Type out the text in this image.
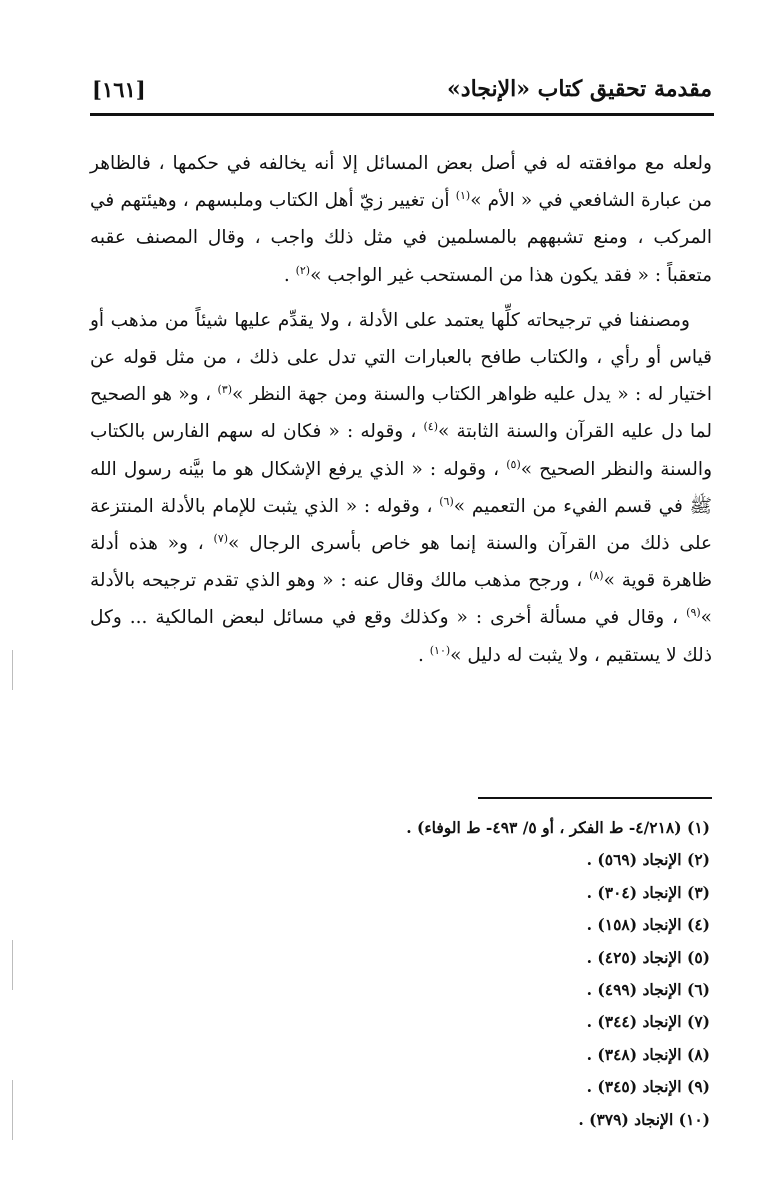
مقدمة تحقيق كتاب «الإنجاد»
[١٦١]

ولعله مع موافقته له في أصل بعض المسائل إلا أنه يخالفه في حكمها ، فالظاهر من عبارة الشافعي في « الأم »$^{(١)}$ أن تغيير زيّ أهل الكتاب وملبسهم ، وهيئتهم في المركب ، ومنع تشبههم بالمسلمين في مثل ذلك واجب ، وقال المصنف عقبه متعقباً : « فقد يكون هذا من المستحب غير الواجب »$^{(٢)}$ .

ومصنفنا في ترجيحاته كلِّها يعتمد على الأدلة ، ولا يقدِّم عليها شيئاً من مذهب أو قياس أو رأي ، والكتاب طافح بالعبارات التي تدل على ذلك ، من مثل قوله عن اختيار له : « يدل عليه ظواهر الكتاب والسنة ومن جهة النظر »$^{(٣)}$ ، و« هو الصحيح لما دل عليه القرآن والسنة الثابتة »$^{(٤)}$ ، وقوله : « فكان له سهم الفارس بالكتاب والسنة والنظر الصحيح »$^{(٥)}$ ، وقوله : « الذي يرفع الإشكال هو ما بيَّنه رسول الله ﷺ في قسم الفيء من التعميم »$^{(٦)}$ ، وقوله : « الذي يثبت للإمام بالأدلة المنتزعة على ذلك من القرآن والسنة إنما هو خاص بأسرى الرجال »$^{(٧)}$ ، و« هذه أدلة ظاهرة قوية »$^{(٨)}$ ، ورجح مذهب مالك وقال عنه : « وهو الذي تقدم ترجيحه بالأدلة »$^{(٩)}$ ، وقال في مسألة أخرى : « وكذلك وقع في مسائل لبعض المالكية ... وكل ذلك لا يستقيم ، ولا يثبت له دليل »$^{(١٠)}$ .

(١) (٤/٢١٨- ط الفكر ، أو ٥/ ٤٩٣- ط الوفاء) .
(٢) الإنجاد (٥٦٩) .
(٣) الإنجاد (٣٠٤) .
(٤) الإنجاد (١٥٨) .
(٥) الإنجاد (٤٢٥) .
(٦) الإنجاد (٤٩٩) .
(٧) الإنجاد (٣٤٤) .
(٨) الإنجاد (٣٤٨) .
(٩) الإنجاد (٣٤٥) .
(١٠) الإنجاد (٣٧٩) .
